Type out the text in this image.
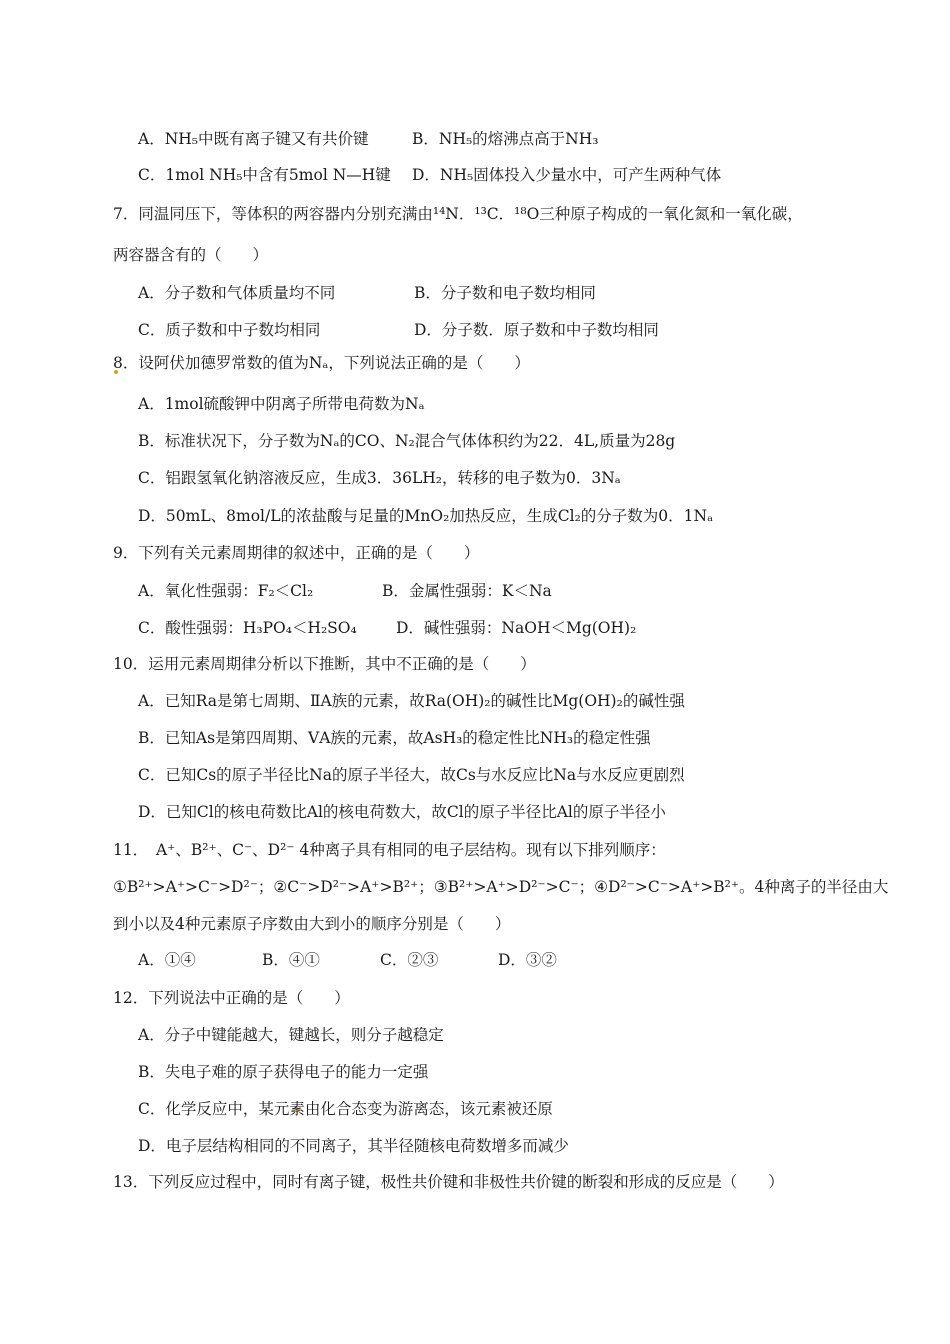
A．NH₅中既有离子键又有共价键	B．NH₅的熔沸点高于NH₃
C．1mol NH₅中含有5mol N—H键 D．NH₅固体投入少量水中，可产生两种气体
7．同温同压下，等体积的两容器内分别充满由¹⁴N．¹³C．¹⁸O三种原子构成的一氧化氮和一氧化碳，
两容器含有的（　　）
A．分子数和气体质量均不同	B．分子数和电子数均相同
C．质子数和中子数均相同	D．分子数．原子数和中子数均相同
8．设阿伏加德罗常数的值为Nₐ，下列说法正确的是（　　）
A．1mol硫酸钾中阴离子所带电荷数为Nₐ
B．标准状况下，分子数为Nₐ的CO、N₂混合气体体积约为22．4L,质量为28g
C．铝跟氢氧化钠溶液反应，生成3．36LH₂，转移的电子数为0．3Nₐ
D．50mL、8mol/L的浓盐酸与足量的MnO₂加热反应，生成Cl₂的分子数为0．1Nₐ
9．下列有关元素周期律的叙述中，正确的是（　　）
A．氧化性强弱：F₂＜Cl₂	B．金属性强弱：K＜Na
C．酸性强弱：H₃PO₄＜H₂SO₄	D．碱性强弱：NaOH＜Mg(OH)₂
10．运用元素周期律分析以下推断，其中不正确的是（　　）
A．已知Ra是第七周期、ⅡA族的元素，故Ra(OH)₂的碱性比Mg(OH)₂的碱性强
B．已知As是第四周期、ⅤA族的元素，故AsH₃的稳定性比NH₃的稳定性强
C．已知Cs的原子半径比Na的原子半径大，故Cs与水反应比Na与水反应更剧烈
D．已知Cl的核电荷数比Al的核电荷数大，故Cl的原子半径比Al的原子半径小
11．　A⁺、B²⁺、C⁻、D²⁻ 4种离子具有相同的电子层结构。现有以下排列顺序：
①B²⁺>A⁺>C⁻>D²⁻；②C⁻>D²⁻>A⁺>B²⁺；③B²⁺>A⁺>D²⁻>C⁻；④D²⁻>C⁻>A⁺>B²⁺。4种离子的半径由大
到小以及4种元素原子序数由大到小的顺序分别是（　　）
A．①④	B．④①	C．②③	D．③②
12．下列说法中正确的是（　　）
A．分子中键能越大，键越长，则分子越稳定
B．失电子难的原子获得电子的能力一定强
C．化学反应中，某元素由化合态变为游离态，该元素被还原
D．电子层结构相同的不同离子，其半径随核电荷数增多而减少
13．下列反应过程中，同时有离子键，极性共价键和非极性共价键的断裂和形成的反应是（　　）
